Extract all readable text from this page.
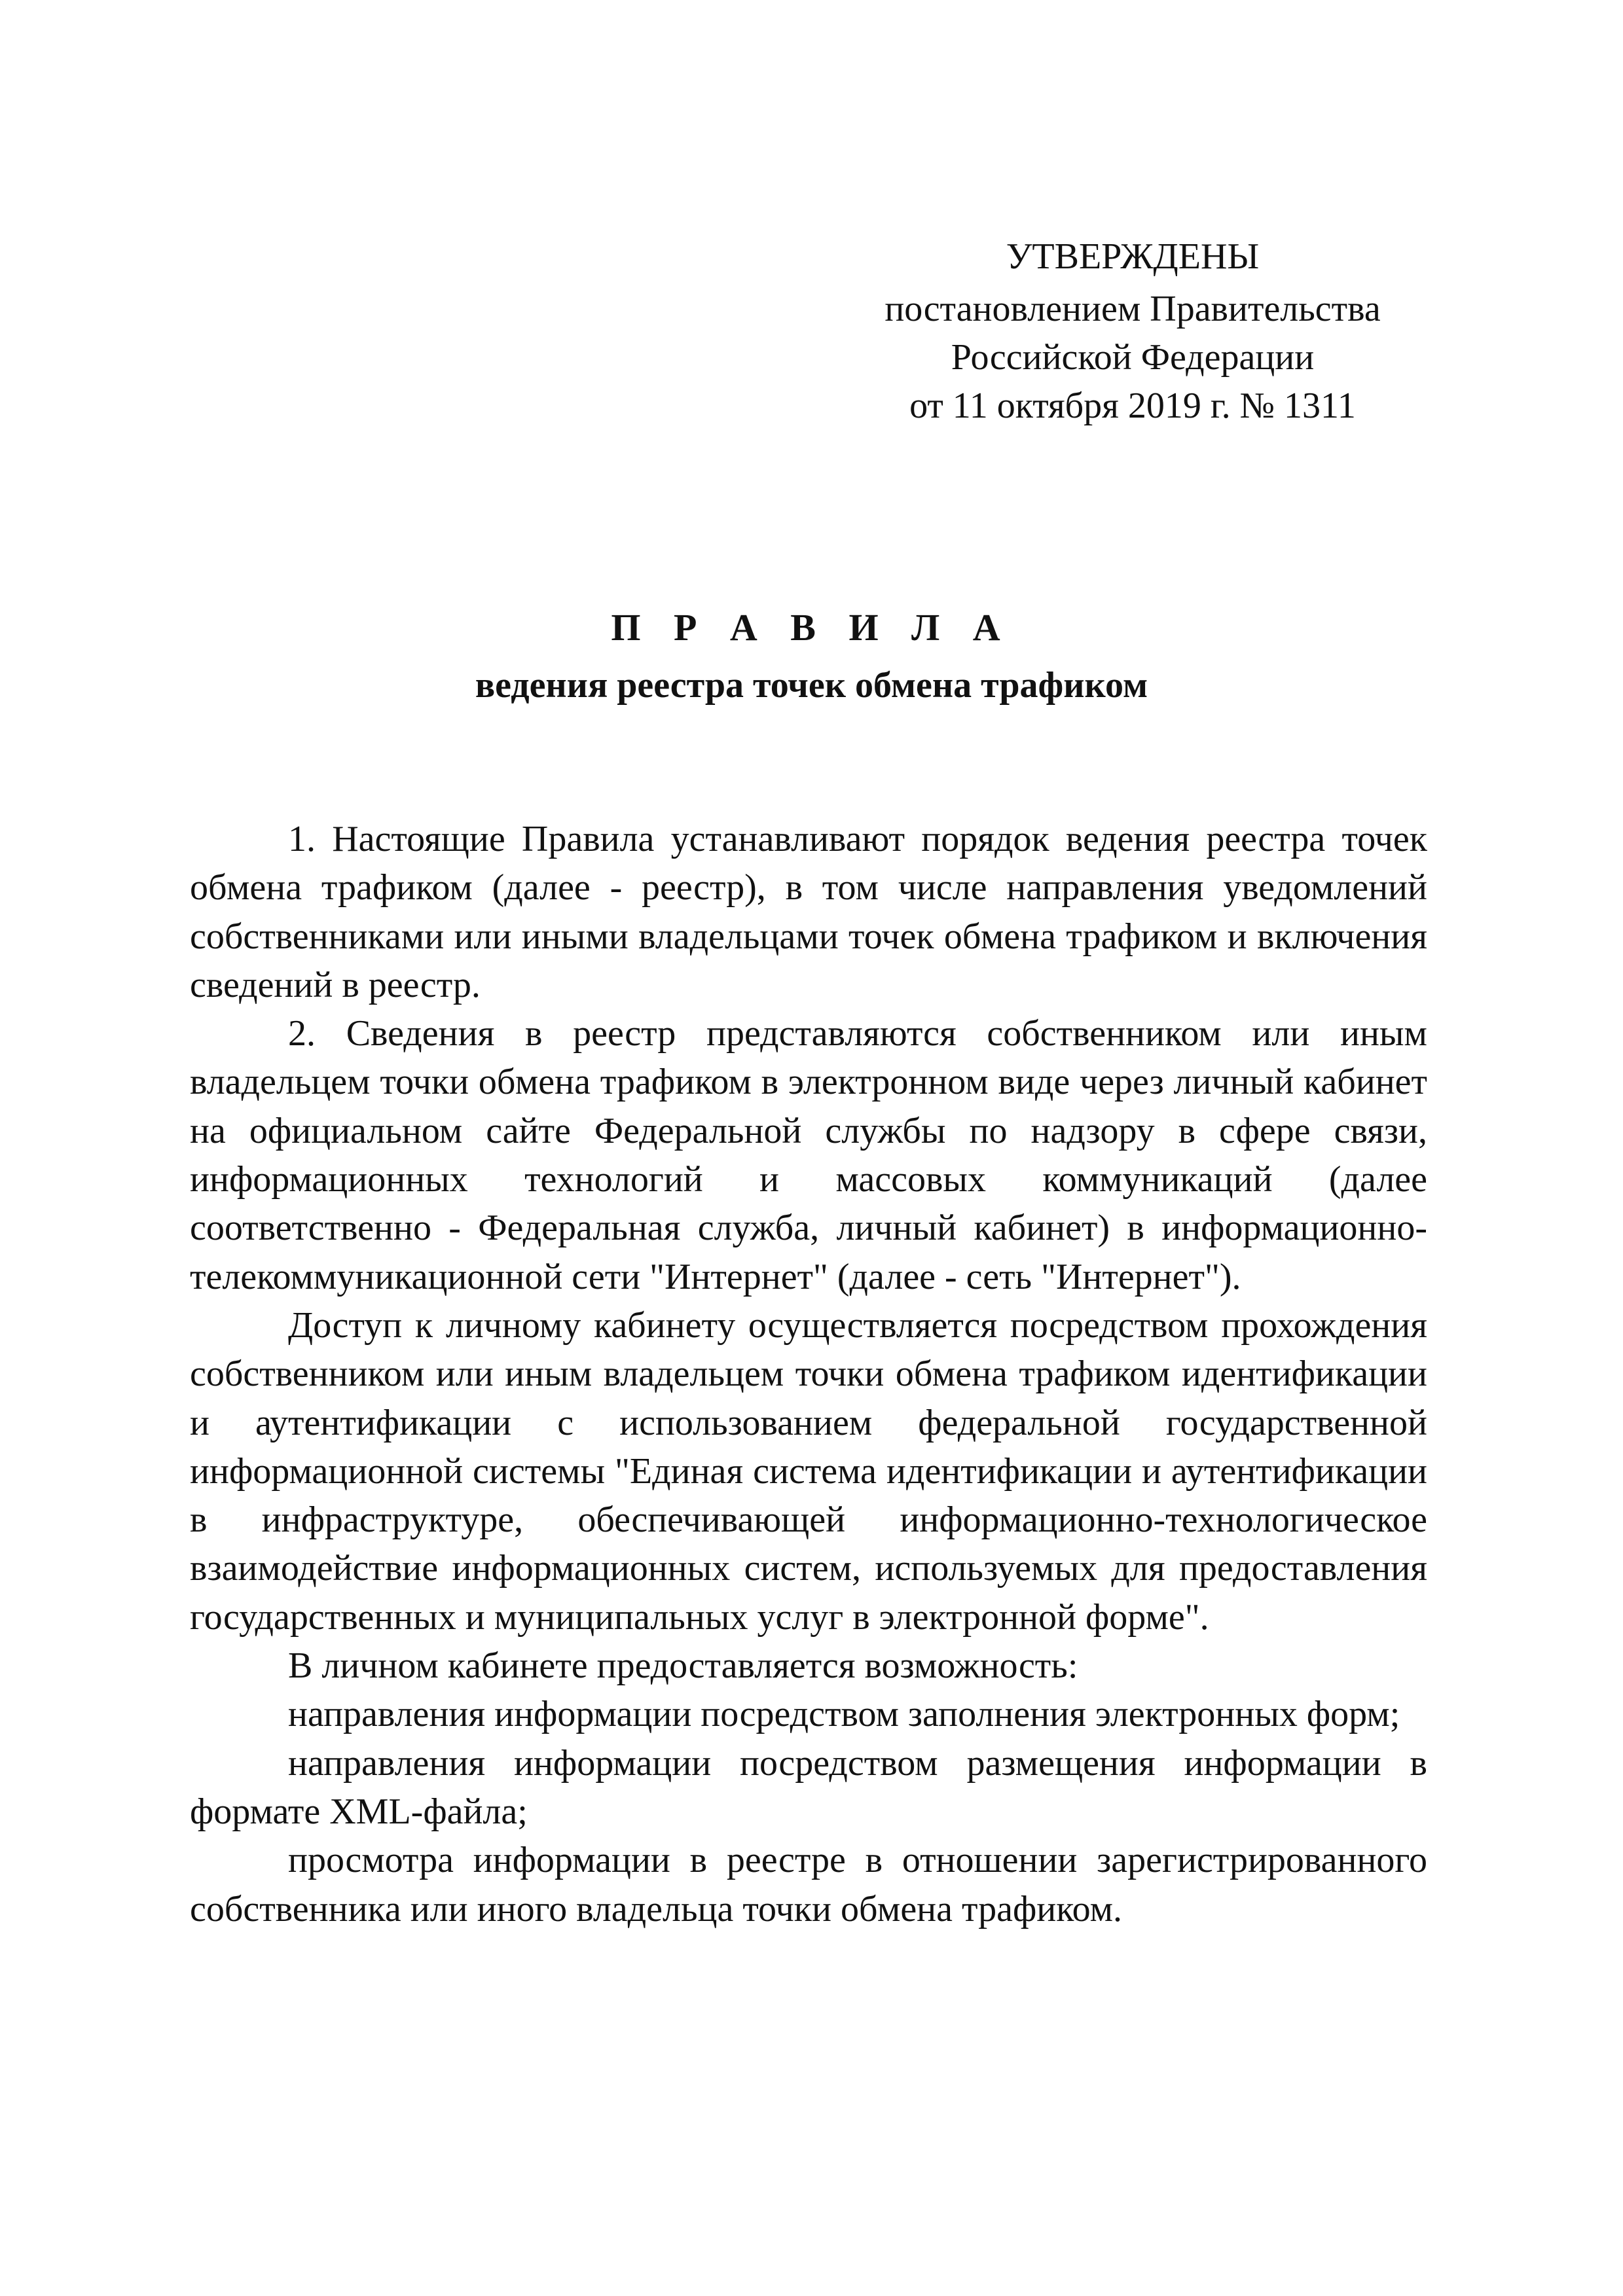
УТВЕРЖДЕНЫ
постановлением Правительства
Российской Федерации
от 11 октября 2019 г. № 1311
П Р А В И Л А
ведения реестра точек обмена трафиком

1. Настоящие Правила устанавливают порядок ведения реестра точек обмена трафиком (далее - реестр), в том числе направления уведомлений собственниками или иными владельцами точек обмена трафиком и включения сведений в реестр.

2. Сведения в реестр представляются собственником или иным владельцем точки обмена трафиком в электронном виде через личный кабинет на официальном сайте Федеральной службы по надзору в сфере связи, информационных технологий и массовых коммуникаций (далее соответственно - Федеральная служба, личный кабинет) в информационно-телекоммуникационной сети "Интернет" (далее - сеть "Интернет").

Доступ к личному кабинету осуществляется посредством прохождения собственником или иным владельцем точки обмена трафиком идентификации и аутентификации с использованием федеральной государственной информационной системы "Единая система идентификации и аутентификации в инфраструктуре, обеспечивающей информационно-технологическое взаимодействие информационных систем, используемых для предоставления государственных и муниципальных услуг в электронной форме".

В личном кабинете предоставляется возможность:

направления информации посредством заполнения электронных форм;

направления информации посредством размещения информации в формате XML-файла;

просмотра информации в реестре в отношении зарегистрированного собственника или иного владельца точки обмена трафиком.
